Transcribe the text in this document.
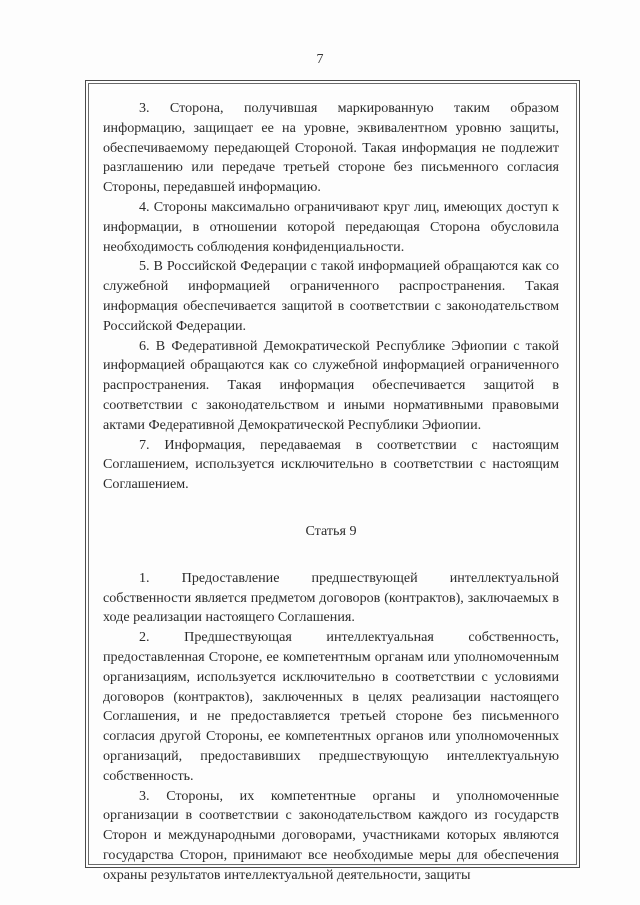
7

3. Сторона, получившая маркированную таким образом информацию, защищает ее на уровне, эквивалентном уровню защиты, обеспечиваемому передающей Стороной. Такая информация не подлежит разглашению или передаче третьей стороне без письменного согласия Стороны, передавшей информацию.

4. Стороны максимально ограничивают круг лиц, имеющих доступ к информации, в отношении которой передающая Сторона обусловила необходимость соблюдения конфиденциальности.

5. В Российской Федерации с такой информацией обращаются как со служебной информацией ограниченного распространения. Такая информация обеспечивается защитой в соответствии с законодательством Российской Федерации.

6. В Федеративной Демократической Республике Эфиопии с такой информацией обращаются как со служебной информацией ограниченного распространения. Такая информация обеспечивается защитой в соответствии с законодательством и иными нормативными правовыми актами Федеративной Демократической Республики Эфиопии.

7. Информация, передаваемая в соответствии с настоящим Соглашением, используется исключительно в соответствии с настоящим Соглашением.

Статья 9

1. Предоставление предшествующей интеллектуальной собственности является предметом договоров (контрактов), заключаемых в ходе реализации настоящего Соглашения.

2. Предшествующая интеллектуальная собственность, предоставленная Стороне, ее компетентным органам или уполномоченным организациям, используется исключительно в соответствии с условиями договоров (контрактов), заключенных в целях реализации настоящего Соглашения, и не предоставляется третьей стороне без письменного согласия другой Стороны, ее компетентных органов или уполномоченных организаций, предоставивших предшествующую интеллектуальную собственность.

3. Стороны, их компетентные органы и уполномоченные организации в соответствии с законодательством каждого из государств Сторон и международными договорами, участниками которых являются государства Сторон, принимают все необходимые меры для обеспечения охраны результатов интеллектуальной деятельности, защиты
